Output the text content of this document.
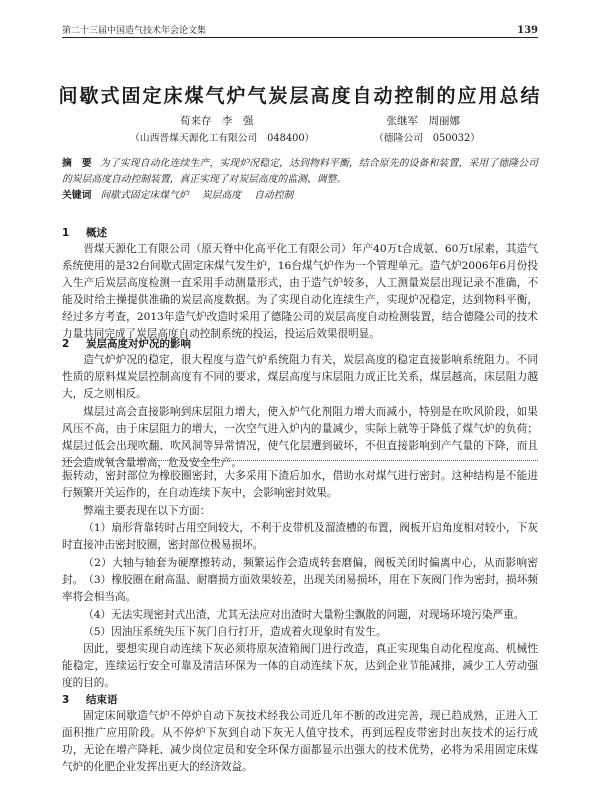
第二十三届中国造气技术年会论文集	139
间歇式固定床煤气炉气炭层高度自动控制的应用总结
荀来存　李　强	张继军　周丽娜
（山西晋煤天源化工有限公司　048400）	（德隆公司　050032）
摘　要 为了实现自动化连续生产，实现炉况稳定，达到物料平衡，结合原先的设备和装置，采用了德隆公司的炭层高度自动控制装置，真正实现了对炭层高度的监测、调整。
关键词 间歇式固定床煤气炉 炭层高度 自动控制
1 概述
晋煤天源化工有限公司（原天脊中化高平化工有限公司）年产40万t合成氨、60万t尿素，其造气系统使用的是32台间歇式固定床煤气发生炉，16台煤气炉作为一个管理单元。造气炉2006年6月份投入生产后炭层高度检测一直采用手动测量形式，由于造气炉较多，人工测量炭层出现记录不准确，不能及时给主操提供准确的炭层高度数据。为了实现自动化连续生产，实现炉况稳定，达到物料平衡，经过多方考查，2013年造气炉改造时采用了德隆公司的炭层高度自动检测装置，结合德隆公司的技术力量共同完成了炭层高度自动控制系统的投运，投运后效果很明显。
2 炭层高度对炉况的影响
造气炉炉况的稳定，很大程度与造气炉系统阻力有关，炭层高度的稳定直接影响系统阻力。不同性质的原料煤炭层控制高度有不同的要求，煤层高度与床层阻力成正比关系，煤层越高，床层阻力越大，反之则相反。
煤层过高会直接影响到床层阻力增大，使入炉气化剂阻力增大而减小，特别是在吹风阶段，如果风压不高，由于床层阻力的增大，一次空气进入炉内的量减少，实际上就等于降低了煤气炉的负荷；煤层过低会出现吹翻、吹风洞等异常情况，使气化层遭到破坏，不但直接影响到产气量的下降，而且还会造成氧含量增高，危及安全生产。
振转动，密封部位为橡胶圈密封，大多采用下渣后加水，借助水对煤气进行密封。这种结构是不能进行频繁开关运作的，在自动连续下灰中，会影响密封效果。
弊端主要表现在以下方面：
（1）扇形背靠转时占用空间较大，不利于皮带机及溜渣槽的布置，阀板开启角度相对较小，下灰时直接冲击密封胶圈，密封部位极易损坏。
（2）大轴与轴套为硬摩擦转动，频繁运作会造成转套磨偏，阀板关闭时偏离中心，从而影响密封。 （3）橡胶圈在耐高温、耐磨损方面效果较差，出现关闭易损坏，用在下灰阀门作为密封，损坏频率将会相当高。
（4）无法实现密封式出渣，尤其无法应对出渣时大量粉尘飘散的问题，对现场环境污染严重。
（5）因油压系统失压下灰门自行打开，造成着火现象时有发生。
因此，要想实现自动连续下灰必须将原灰渣箱阀门进行改造，真正实现集自动化程度高、机械性能稳定，连续运行安全可靠及清洁环保为一体的自动连续下灰，达到企业节能减排，减少工人劳动强度的目的。
3 结束语
固定床间歇造气炉不停炉自动下灰技术经我公司近几年不断的改进完善，现已趋成熟，正进入工面积推广应用阶段。从不停炉下灰到自动下灰无人值守技术，再到远程皮带密封出灰技术的运行成功，无论在增产降耗、减少岗位定员和安全环保方面都显示出强大的技术优势，必将为采用固定床煤气炉的化肥企业发挥出更大的经济效益。
